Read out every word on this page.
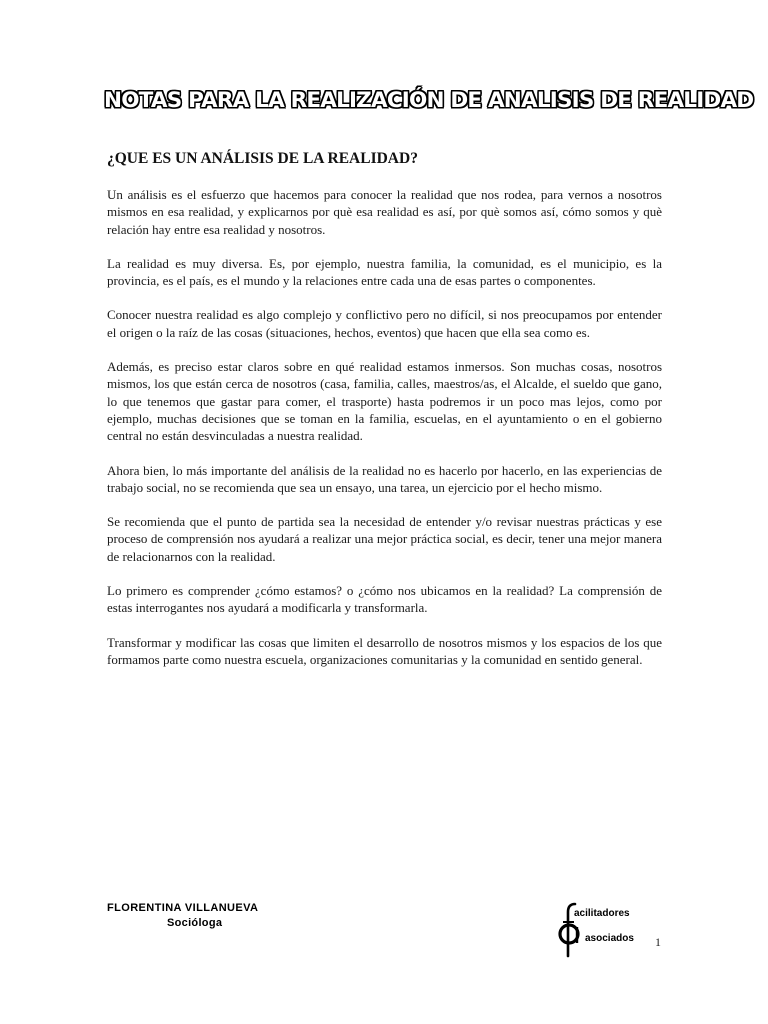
NOTAS PARA LA REALIZACIÓN DE ANALISIS DE REALIDAD
¿QUE ES UN ANÁLISIS DE LA REALIDAD?

Un análisis es el esfuerzo que hacemos para conocer la realidad que nos rodea, para vernos a nosotros mismos en esa realidad, y explicarnos por què esa realidad es así, por què somos así, cómo somos y què relación hay entre esa realidad y nosotros.

La realidad es muy diversa. Es, por ejemplo, nuestra familia, la comunidad, es el municipio, es la provincia, es el país, es el mundo y la relaciones entre cada una de esas partes o componentes.

Conocer nuestra realidad es algo complejo y conflictivo pero no difícil, si nos preocupamos por entender el origen o la raíz de las cosas (situaciones, hechos, eventos) que hacen que ella sea como es.

Además, es preciso estar claros sobre en qué realidad estamos inmersos. Son muchas cosas, nosotros mismos, los que están cerca de nosotros (casa, familia, calles, maestros/as, el Alcalde, el sueldo que gano, lo que tenemos que gastar para comer, el trasporte) hasta podremos ir un poco mas lejos, como por ejemplo, muchas decisiones que se toman en la familia, escuelas, en el ayuntamiento o en el gobierno central no están desvinculadas a nuestra realidad.

Ahora bien, lo más importante del análisis de la realidad no es hacerlo por hacerlo, en las experiencias de trabajo social, no se recomienda que sea un ensayo, una tarea, un ejercicio por el hecho mismo.

Se recomienda que el punto de partida sea la necesidad de entender y/o revisar nuestras prácticas y ese proceso de comprensión nos ayudará a realizar una mejor práctica social, es decir, tener una mejor manera de relacionarnos con la realidad.

Lo primero es comprender ¿cómo estamos? o ¿cómo nos ubicamos en la realidad? La comprensión de estas interrogantes nos ayudará a modificarla y transformarla.

Transformar y modificar las cosas que limiten el desarrollo de nosotros mismos y los espacios de los que formamos parte como nuestra escuela, organizaciones comunitarias y la comunidad en sentido general.

FLORENTINA VILLANUEVA
Socióloga
acilitadores
asociados 1
